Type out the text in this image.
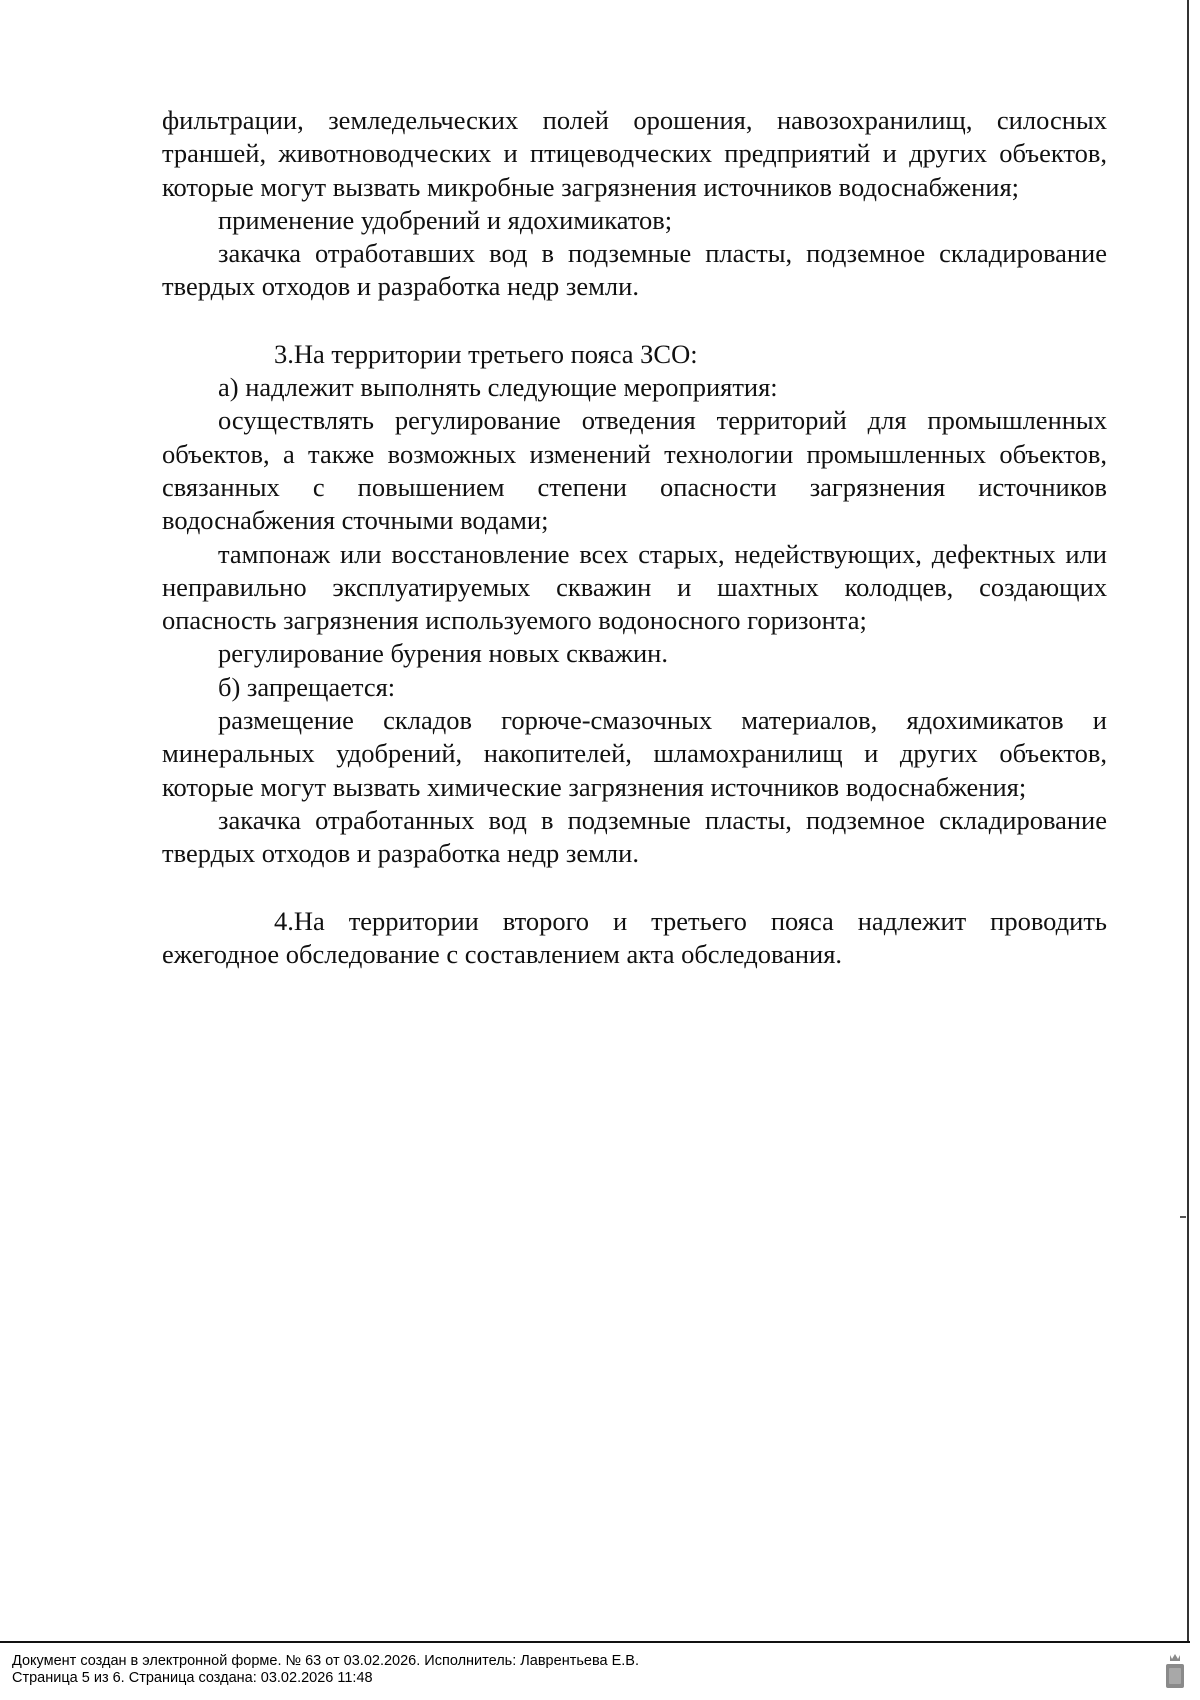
фильтрации, земледельческих полей орошения, навозохранилищ, силосных траншей, животноводческих и птицеводческих предприятий и других объектов, которые могут вызвать микробные загрязнения источников водоснабжения;

применение удобрений и ядохимикатов;

закачка отработавших вод в подземные пласты, подземное складирование твердых отходов и разработка недр земли.

3.На территории третьего пояса ЗСО:

а) надлежит выполнять следующие мероприятия:

осуществлять регулирование отведения территорий для промышленных объектов, а также возможных изменений технологии промышленных объектов, связанных с повышением степени опасности загрязнения источников водоснабжения сточными водами;

тампонаж или восстановление всех старых, недействующих, дефектных или неправильно эксплуатируемых скважин и шахтных колодцев, создающих опасность загрязнения используемого водоносного горизонта;

регулирование бурения новых скважин.

б) запрещается:

размещение складов горюче-смазочных материалов, ядохимикатов и минеральных удобрений, накопителей, шламохранилищ и других объектов, которые могут вызвать химические загрязнения источников водоснабжения;

закачка отработанных вод в подземные пласты, подземное складирование твердых отходов и разработка недр земли.

4.На территории второго и третьего пояса надлежит проводить ежегодное обследование с составлением акта обследования.

Документ создан в электронной форме. № 63 от 03.02.2026. Исполнитель: Лаврентьева Е.В.
Страница 5 из 6. Страница создана: 03.02.2026 11:48
